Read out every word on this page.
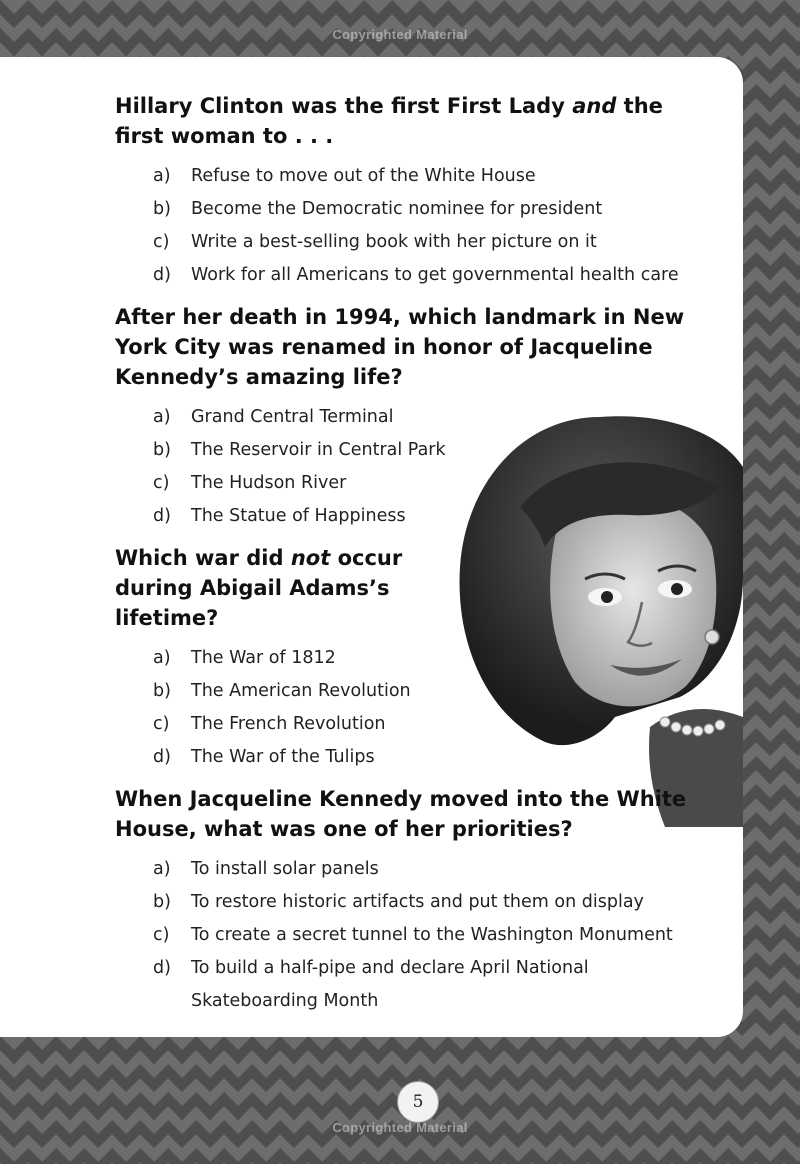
Copyrighted Material
Hillary Clinton was the first First Lady and the first woman to . . .
a)	Refuse to move out of the White House
b)	Become the Democratic nominee for president
c)	Write a best-selling book with her picture on it
d)	Work for all Americans to get governmental health care
After her death in 1994, which landmark in New York City was renamed in honor of Jacqueline Kennedy’s amazing life?
a)	Grand Central Terminal
b)	The Reservoir in Central Park
c)	The Hudson River
d)	The Statue of Happiness
Which war did not occur during Abigail Adams’s lifetime?
a)	The War of 1812
b)	The American Revolution
c)	The French Revolution
d)	The War of the Tulips
When Jacqueline Kennedy moved into the White House, what was one of her priorities?
a)	To install solar panels
b)	To restore historic artifacts and put them on display
c)	To create a secret tunnel to the Washington Monument
d)	To build a half-pipe and declare April National Skateboarding Month
5
Copyrighted Material
